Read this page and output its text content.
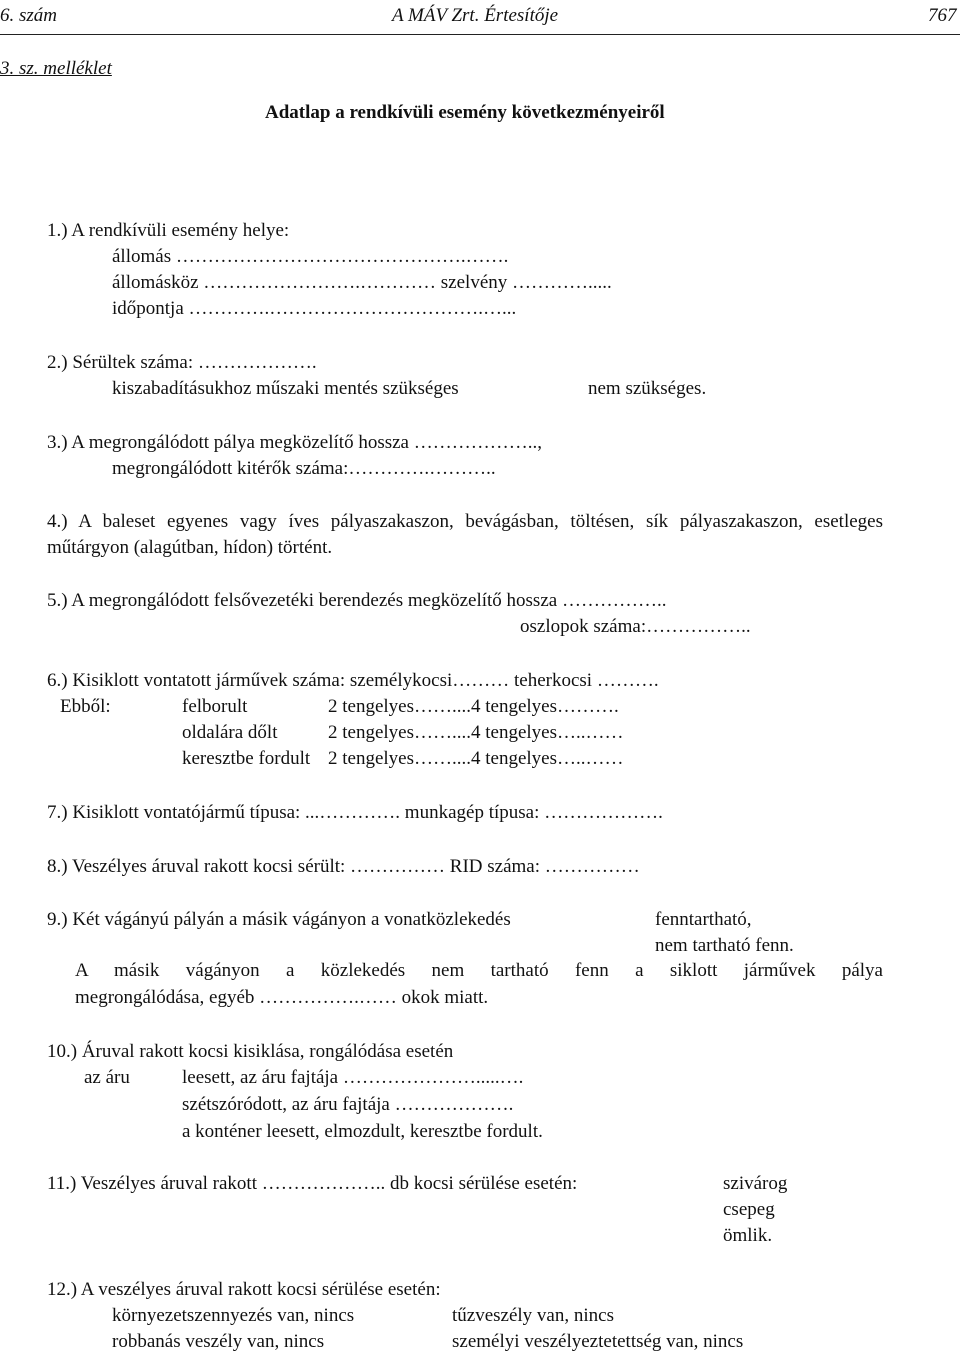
6. szám	A MÁV Zrt. Értesítője	767
3. sz. melléklet
Adatlap a rendkívüli esemény következményeiről
1.) A rendkívüli esemény helye:
állomás ……………………………………….…….
állomásköz …………………….………… szelvény ………….....
időpontja ………….…………………………….…...
2.) Sérültek száma: ……………….
kiszabadításukhoz műszaki mentés szükséges	nem szükséges.
3.) A megrongálódott pálya megközelítő hossza ………………..,
megrongálódott kitérők száma:………….………..
4.) A baleset egyenes vagy íves pályaszakaszon, bevágásban, töltésen, sík pályaszakaszon, esetleges műtárgyon (alagútban, hídon) történt.
5.) A megrongálódott felsővezetéki berendezés megközelítő hossza ……………..
oszlopok száma:……………..
6.) Kisiklott vontatott járművek száma: személykocsi……… teherkocsi ……….
Ebből:	felborult	2 tengelyes……....4 tengelyes……….
oldalára dőlt	2 tengelyes……....4 tengelyes…..……
keresztbe fordult 2 tengelyes……....4 tengelyes…..……
7.) Kisiklott vontatójármű típusa: ...…………. munkagép típusa: ……………….
8.) Veszélyes áruval rakott kocsi sérült: …………… RID száma: ……………
9.) Két vágányú pályán a másik vágányon a vonatközlekedés	fenntartható,
nem tartható fenn.
A másik vágányon a közlekedés nem tartható fenn a siklott járművek pálya
megrongálódása, egyéb …………….…… okok miatt.
10.) Áruval rakott kocsi kisiklása, rongálódása esetén
az áru	leesett, az áru fajtája ………………….....….
szétszóródott, az áru fajtája ……………….
a konténer leesett, elmozdult, keresztbe fordult.
11.) Veszélyes áruval rakott ……………….. db kocsi sérülése esetén:	szivárog
csepeg
ömlik.
12.) A veszélyes áruval rakott kocsi sérülése esetén:
környezetszennyezés van, nincs	tűzveszély van, nincs
robbanás veszély van, nincs	személyi veszélyeztetettség van, nincs
